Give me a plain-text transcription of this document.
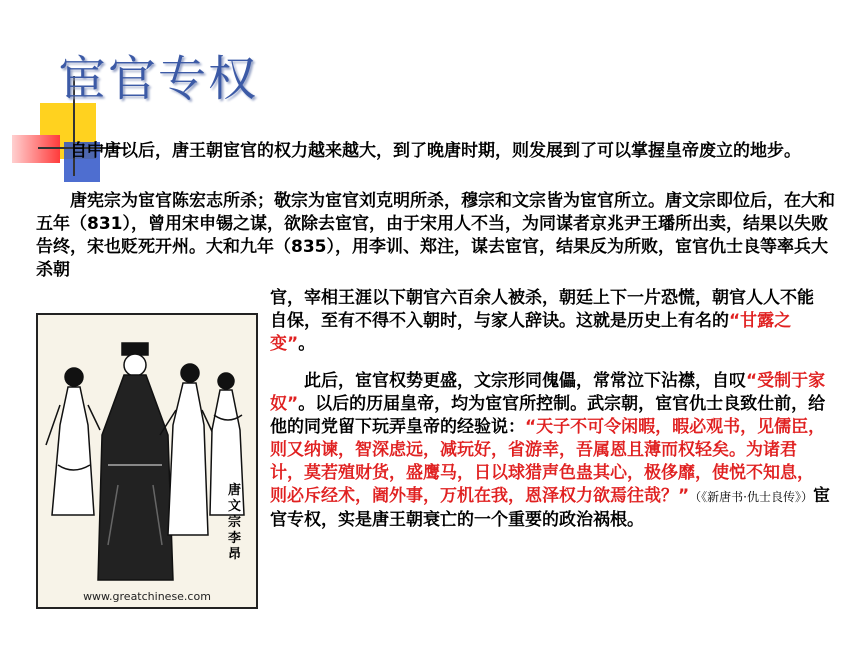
宦官专权
  自中唐以后，唐王朝宦官的权力越来越大，到了晚唐时期，则发展到了可以掌握皇帝废立的地步。
  唐宪宗为宦官陈宏志所杀；敬宗为宦官刘克明所杀，穆宗和文宗皆为宦官所立。唐文宗即位后，在大和五年（831），曾用宋申锡之谋，欲除去宦官，由于宋用人不当，为同谋者京兆尹王璠所出卖，结果以失败告终，宋也贬死开州。大和九年（835），用李训、郑注，谋去宦官，结果反为所败，宦官仇士良等率兵大杀朝
唐文宗 李昂
www.greatchinese.com
官，宰相王涯以下朝官六百余人被杀，朝廷上下一片恐慌，朝官人人不能自保，至有不得不入朝时，与家人辞诀。这就是历史上有名的“甘露之变”。
  此后，宦官权势更盛，文宗形同傀儡，常常泣下沾襟，自叹“受制于家奴”。以后的历届皇帝，均为宦官所控制。武宗朝，宦官仇士良致仕前，给他的同党留下玩弄皇帝的经验说：“天子不可令闲暇，暇必观书，见儒臣，则又纳谏，智深虑远，减玩好，省游幸，吾属恩且薄而权轻矣。为诸君计，莫若殖财货，盛鹰马，日以球猎声色蛊其心，极侈靡，使悦不知息，则必斥经术，阇外事，万机在我，恩泽权力欲焉往哉？”（《新唐书·仇士良传》）宦官专权，实是唐王朝衰亡的一个重要的政治祸根。
